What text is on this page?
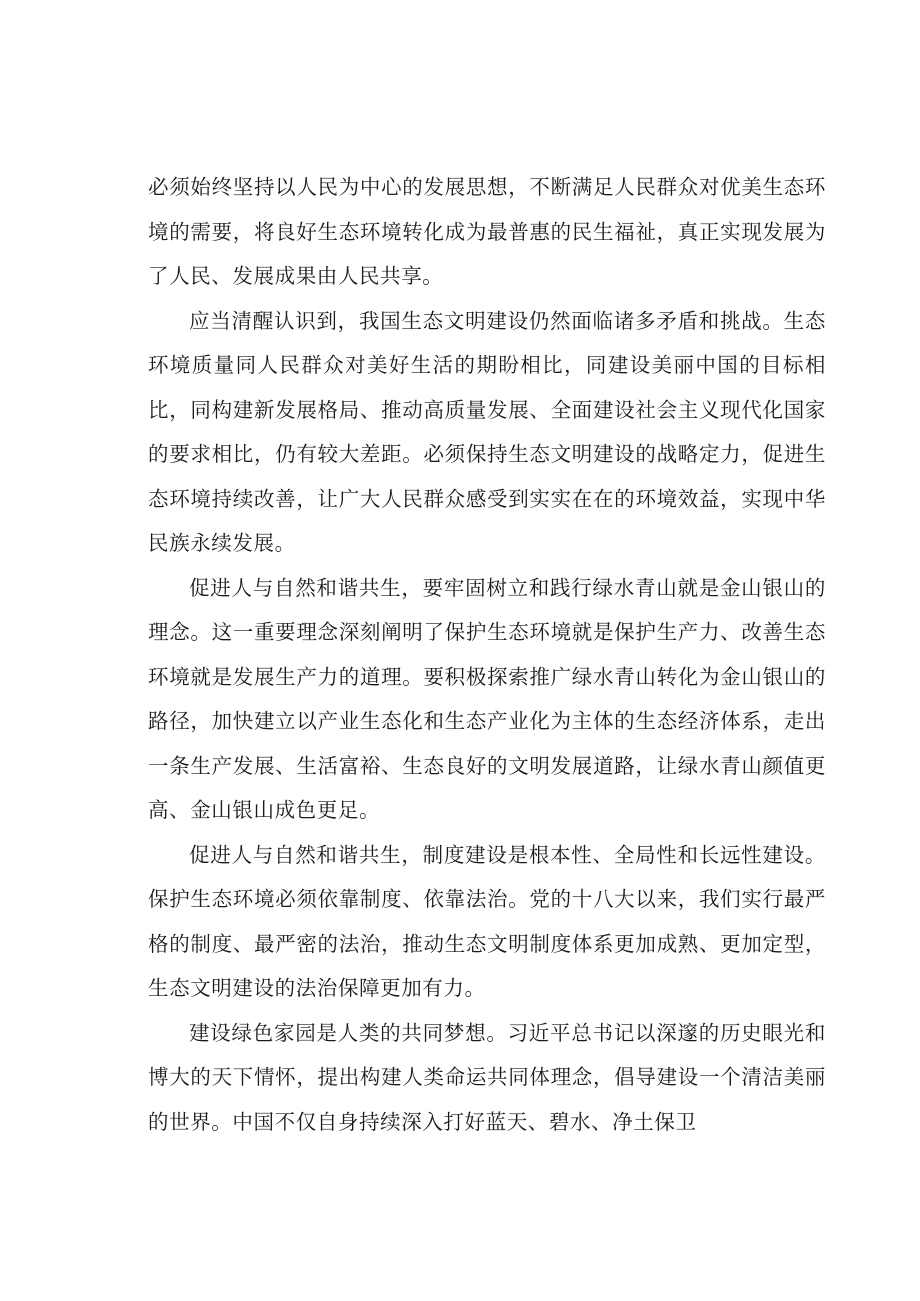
必须始终坚持以人民为中心的发展思想，不断满足人民群众对优美生态环境的需要，将良好生态环境转化成为最普惠的民生福祉，真正实现发展为了人民、发展成果由人民共享。

应当清醒认识到，我国生态文明建设仍然面临诸多矛盾和挑战。生态环境质量同人民群众对美好生活的期盼相比，同建设美丽中国的目标相比，同构建新发展格局、推动高质量发展、全面建设社会主义现代化国家的要求相比，仍有较大差距。必须保持生态文明建设的战略定力，促进生态环境持续改善，让广大人民群众感受到实实在在的环境效益，实现中华民族永续发展。

促进人与自然和谐共生，要牢固树立和践行绿水青山就是金山银山的理念。这一重要理念深刻阐明了保护生态环境就是保护生产力、改善生态环境就是发展生产力的道理。要积极探索推广绿水青山转化为金山银山的路径，加快建立以产业生态化和生态产业化为主体的生态经济体系，走出一条生产发展、生活富裕、生态良好的文明发展道路，让绿水青山颜值更高、金山银山成色更足。

促进人与自然和谐共生，制度建设是根本性、全局性和长远性建设。保护生态环境必须依靠制度、依靠法治。党的十八大以来，我们实行最严格的制度、最严密的法治，推动生态文明制度体系更加成熟、更加定型，生态文明建设的法治保障更加有力。

建设绿色家园是人类的共同梦想。习近平总书记以深邃的历史眼光和博大的天下情怀，提出构建人类命运共同体理念，倡导建设一个清洁美丽的世界。中国不仅自身持续深入打好蓝天、碧水、净土保卫
